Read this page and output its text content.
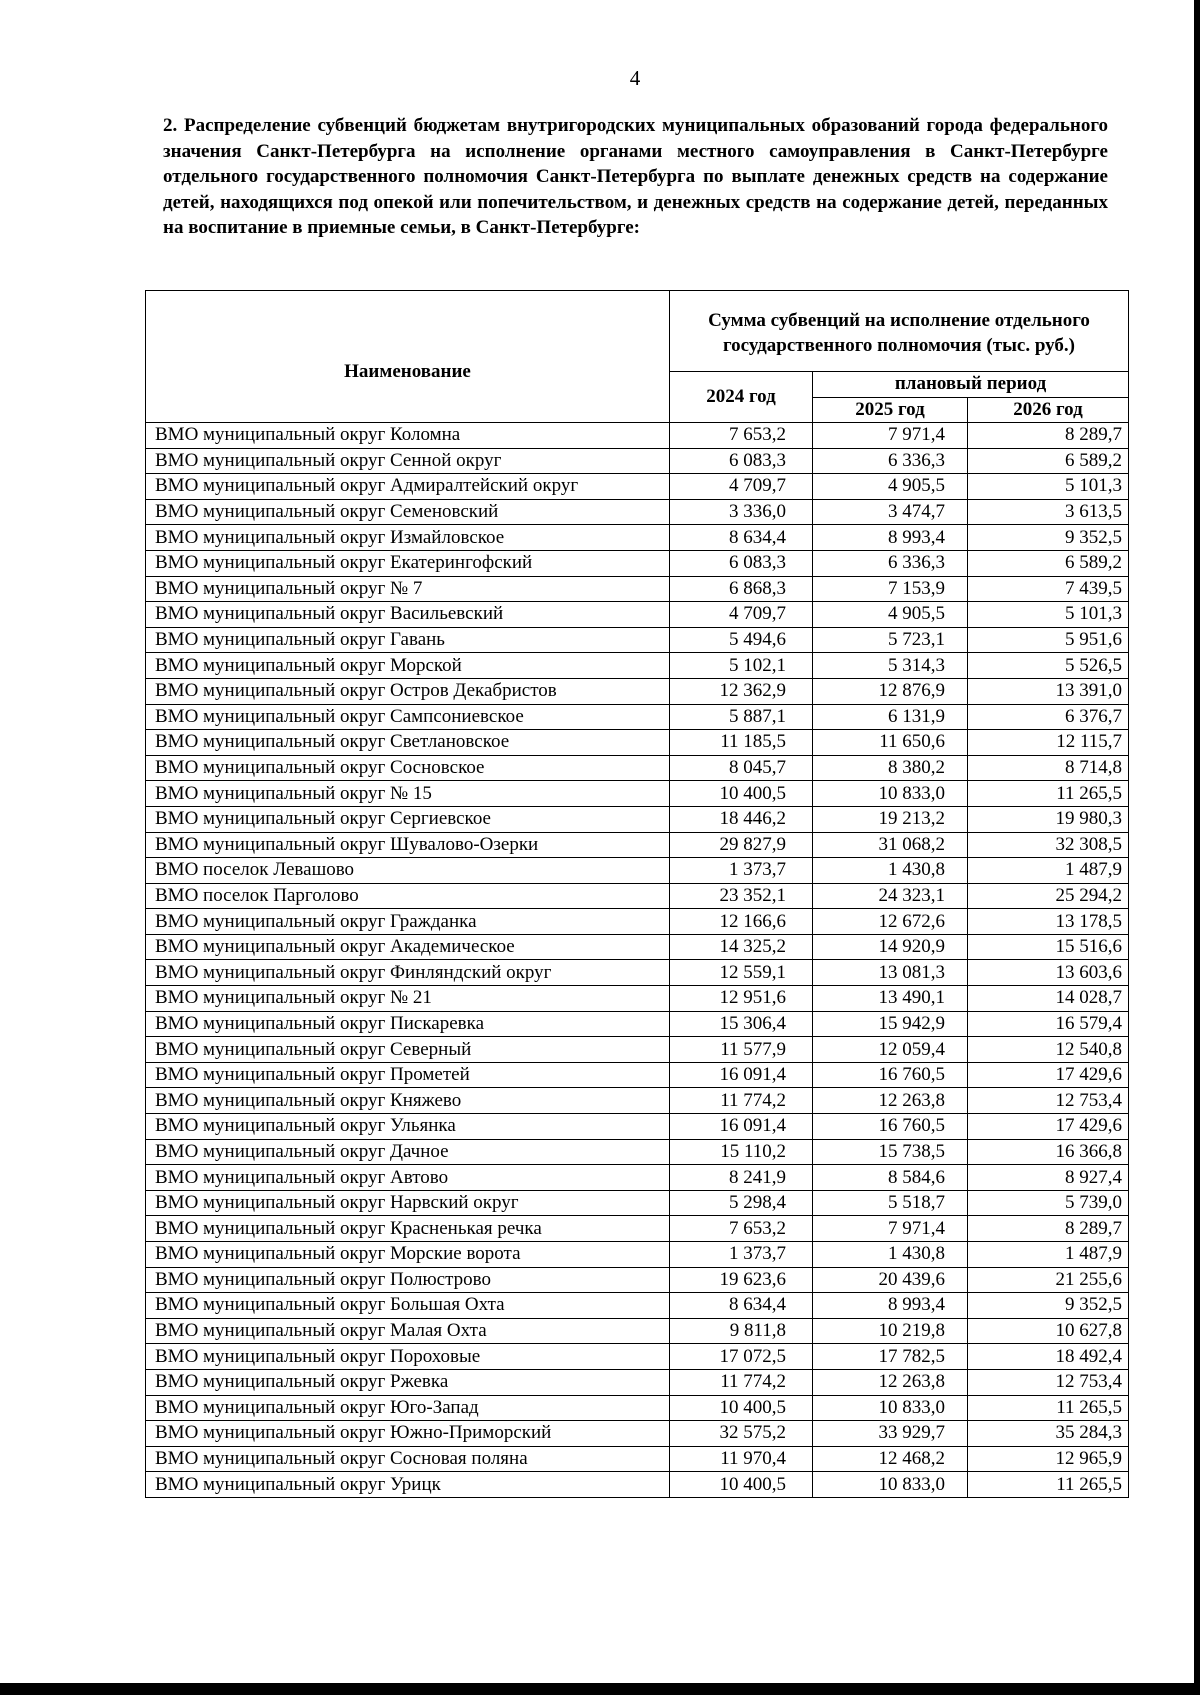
4
2. Распределение субвенций бюджетам внутригородских муниципальных образований города федерального значения Санкт-Петербурга на исполнение органами местного самоуправления в Санкт-Петербурге отдельного государственного полномочия Санкт-Петербурга по выплате денежных средств на содержание детей, находящихся под опекой или попечительством, и денежных средств на содержание детей, переданных на воспитание в приемные семьи, в Санкт-Петербурге:
Наименование	Сумма субвенций на исполнение отдельного государственного полномочия (тыс. руб.)		
	2024 год	плановый период	
		2025 год	2026 год
ВМО муниципальный округ Коломна	7 653,2	7 971,4	8 289,7
ВМО муниципальный округ Сенной округ	6 083,3	6 336,3	6 589,2
ВМО муниципальный округ Адмиралтейский округ	4 709,7	4 905,5	5 101,3
ВМО муниципальный округ Семеновский	3 336,0	3 474,7	3 613,5
ВМО муниципальный округ Измайловское	8 634,4	8 993,4	9 352,5
ВМО муниципальный округ Екатерингофский	6 083,3	6 336,3	6 589,2
ВМО муниципальный округ № 7	6 868,3	7 153,9	7 439,5
ВМО муниципальный округ Васильевский	4 709,7	4 905,5	5 101,3
ВМО муниципальный округ Гавань	5 494,6	5 723,1	5 951,6
ВМО муниципальный округ Морской	5 102,1	5 314,3	5 526,5
ВМО муниципальный округ Остров Декабристов	12 362,9	12 876,9	13 391,0
ВМО муниципальный округ Сампсониевское	5 887,1	6 131,9	6 376,7
ВМО муниципальный округ Светлановское	11 185,5	11 650,6	12 115,7
ВМО муниципальный округ Сосновское	8 045,7	8 380,2	8 714,8
ВМО муниципальный округ № 15	10 400,5	10 833,0	11 265,5
ВМО муниципальный округ Сергиевское	18 446,2	19 213,2	19 980,3
ВМО муниципальный округ Шувалово-Озерки	29 827,9	31 068,2	32 308,5
ВМО поселок Левашово	1 373,7	1 430,8	1 487,9
ВМО поселок Парголово	23 352,1	24 323,1	25 294,2
ВМО муниципальный округ Гражданка	12 166,6	12 672,6	13 178,5
ВМО муниципальный округ Академическое	14 325,2	14 920,9	15 516,6
ВМО муниципальный округ Финляндский округ	12 559,1	13 081,3	13 603,6
ВМО муниципальный округ № 21	12 951,6	13 490,1	14 028,7
ВМО муниципальный округ Пискаревка	15 306,4	15 942,9	16 579,4
ВМО муниципальный округ Северный	11 577,9	12 059,4	12 540,8
ВМО муниципальный округ Прометей	16 091,4	16 760,5	17 429,6
ВМО муниципальный округ Княжево	11 774,2	12 263,8	12 753,4
ВМО муниципальный округ Ульянка	16 091,4	16 760,5	17 429,6
ВМО муниципальный округ Дачное	15 110,2	15 738,5	16 366,8
ВМО муниципальный округ Автово	8 241,9	8 584,6	8 927,4
ВМО муниципальный округ Нарвский округ	5 298,4	5 518,7	5 739,0
ВМО муниципальный округ Красненькая речка	7 653,2	7 971,4	8 289,7
ВМО муниципальный округ Морские ворота	1 373,7	1 430,8	1 487,9
ВМО муниципальный округ Полюстрово	19 623,6	20 439,6	21 255,6
ВМО муниципальный округ Большая Охта	8 634,4	8 993,4	9 352,5
ВМО муниципальный округ Малая Охта	9 811,8	10 219,8	10 627,8
ВМО муниципальный округ Пороховые	17 072,5	17 782,5	18 492,4
ВМО муниципальный округ Ржевка	11 774,2	12 263,8	12 753,4
ВМО муниципальный округ Юго-Запад	10 400,5	10 833,0	11 265,5
ВМО муниципальный округ Южно-Приморский	32 575,2	33 929,7	35 284,3
ВМО муниципальный округ Сосновая поляна	11 970,4	12 468,2	12 965,9
ВМО муниципальный округ Урицк	10 400,5	10 833,0	11 265,5
